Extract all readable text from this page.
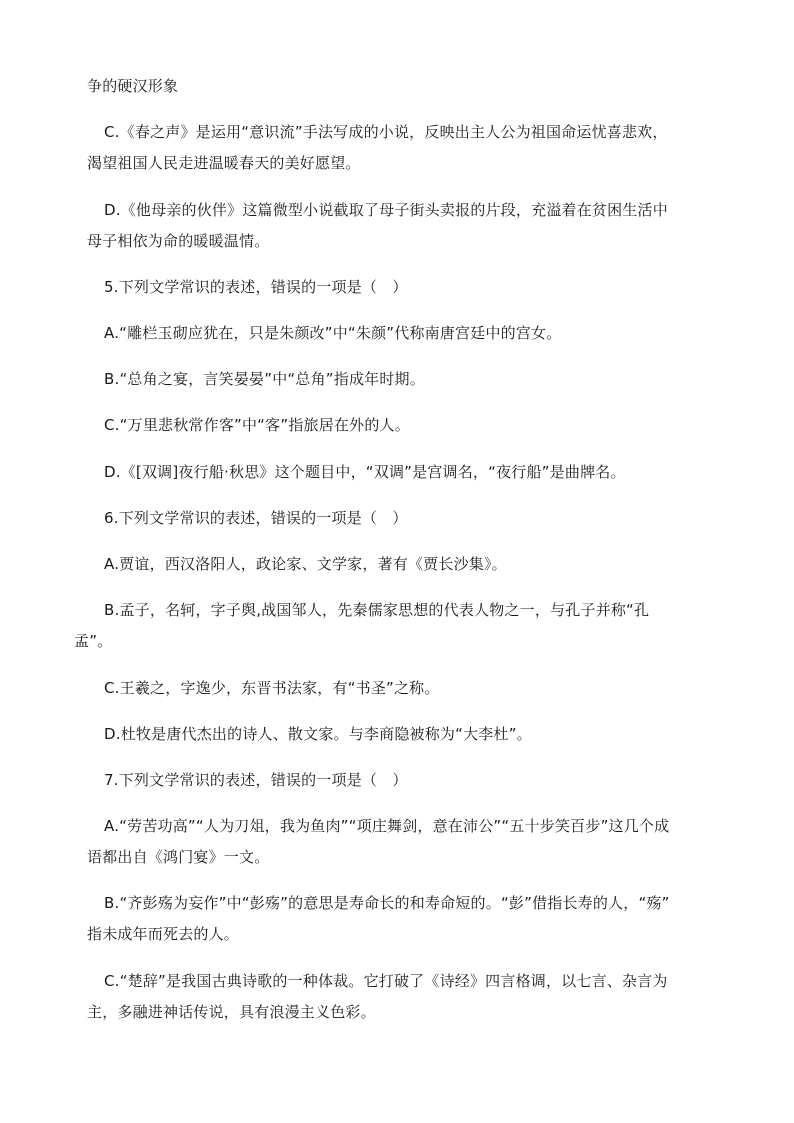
争的硬汉形象
C.《春之声》是运用“意识流”手法写成的小说，反映出主人公为祖国命运忧喜悲欢，
渴望祖国人民走进温暖春天的美好愿望。
D.《他母亲的伙伴》这篇微型小说截取了母子街头卖报的片段，充溢着在贫困生活中
母子相依为命的暖暖温情。
5.下列文学常识的表述，错误的一项是（　）
A.“雕栏玉砌应犹在，只是朱颜改”中“朱颜”代称南唐宫廷中的宫女。
B.“总角之宴，言笑晏晏”中“总角”指成年时期。
C.“万里悲秋常作客”中“客”指旅居在外的人。
D.《[双调]夜行船·秋思》这个题目中，“双调”是宫调名，“夜行船”是曲牌名。
6.下列文学常识的表述，错误的一项是（　）
A.贾谊，西汉洛阳人，政论家、文学家，著有《贾长沙集》。
B.孟子，名轲，字子舆,战国邹人，先秦儒家思想的代表人物之一，与孔子并称“孔
孟”。
C.王羲之，字逸少，东晋书法家，有“书圣”之称。
D.杜牧是唐代杰出的诗人、散文家。与李商隐被称为“大李杜”。
7.下列文学常识的表述，错误的一项是（　）
A.“劳苦功高”“人为刀俎，我为鱼肉”“项庄舞剑，意在沛公”“五十步笑百步”这几个成
语都出自《鸿门宴》一文。
B.“齐彭殇为妄作”中“彭殇”的意思是寿命长的和寿命短的。“彭”借指长寿的人，“殇”
指未成年而死去的人。
C.“楚辞”是我国古典诗歌的一种体裁。它打破了《诗经》四言格调，以七言、杂言为
主，多融进神话传说，具有浪漫主义色彩。
